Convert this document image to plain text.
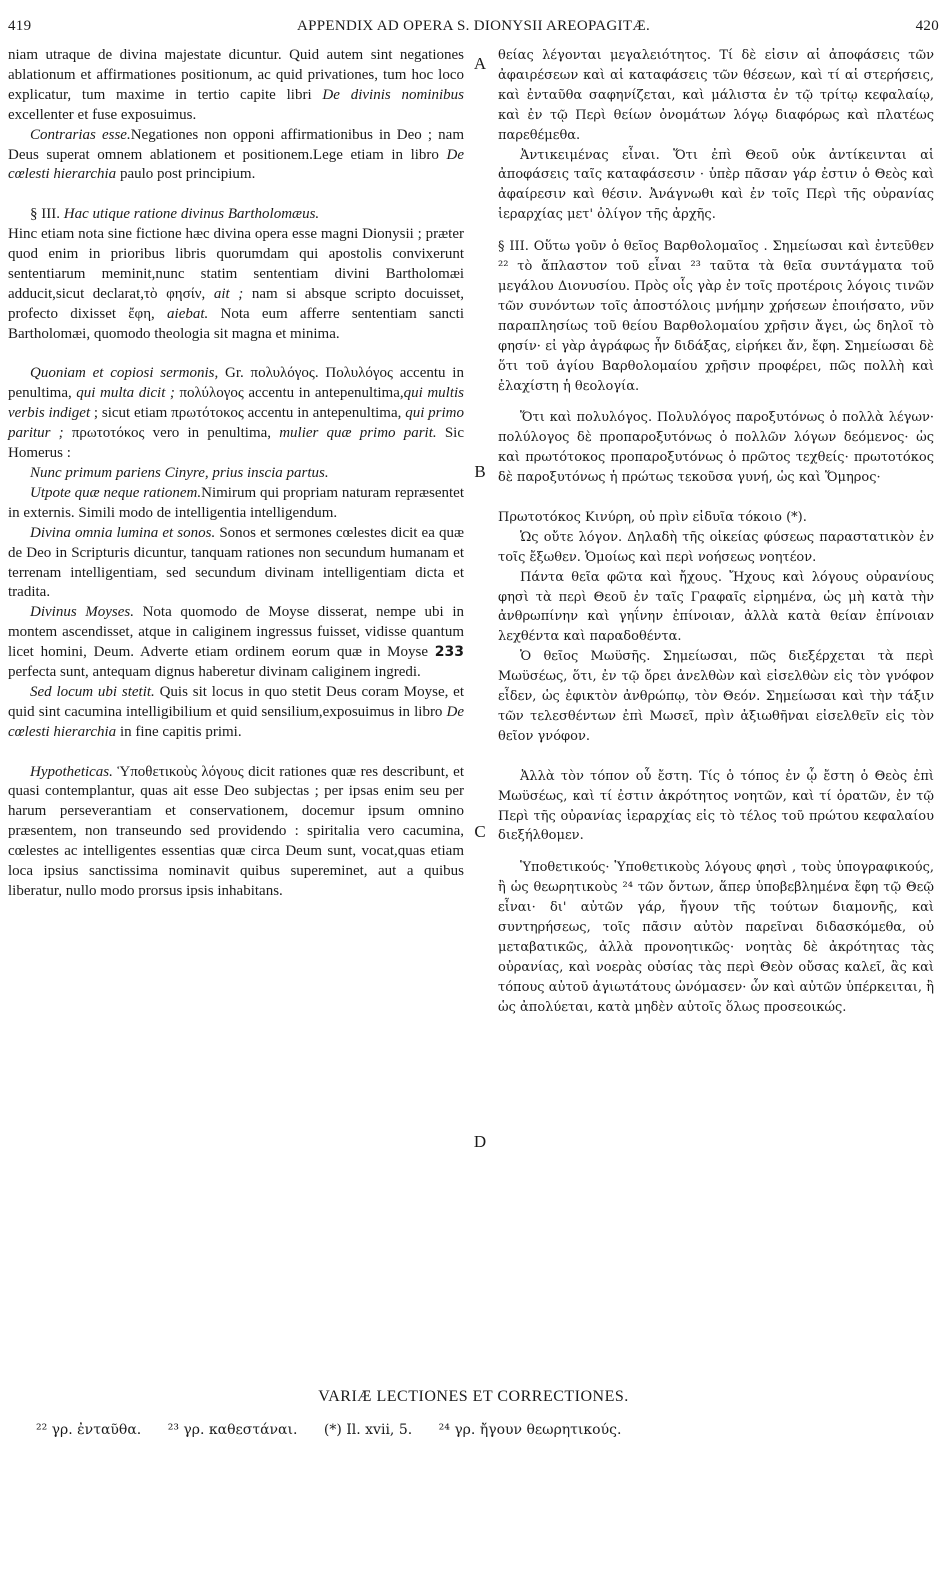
419	APPENDIX AD OPERA S. DIONYSII AREOPAGITÆ.	420
A
B
C
D

niam utraque de divina majestate dicuntur. Quid autem sint negationes ablationum et affirmationes positionum, ac quid privationes, tum hoc loco explicatur, tum maxime in tertio capite libri De divinis nominibus excellenter et fuse exposuimus.

Contrarias esse.Negationes non opponi affirmationibus in Deo ; nam Deus superat omnem ablationem et positionem.Lege etiam in libro De cœlesti hierarchia paulo post principium.

§ III. Hac utique ratione divinus Bartholomæus.

Hinc etiam nota sine fictione hæc divina opera esse magni Dionysii ; præter quod enim in prioribus libris quorumdam qui apostolis convixerunt sententiarum meminit,nunc statim sententiam divini Bartholomæi adducit,sicut declarat,τὸ φησίν, ait ; nam si absque scripto docuisset, profecto dixisset ἔφη, aiebat. Nota eum afferre sententiam sancti Bartholomæi, quomodo theologia sit magna et minima.

Quoniam et copiosi sermonis, Gr. πολυλόγος. Πολυλόγος accentu in penultima, qui multa dicit ; πολύλογος accentu in antepenultima,qui multis verbis indiget ; sicut etiam πρωτότοκος accentu in antepenultima, qui primo paritur ; πρωτοτόκος vero in penultima, mulier quæ primo parit. Sic Homerus :

Nunc primum pariens Cinyre, prius inscia partus.

Utpote quæ neque rationem.Nimirum qui propriam naturam repræsentet in externis. Simili modo de intelligentia intelligendum.

Divina omnia lumina et sonos. Sonos et sermones cœlestes dicit ea quæ de Deo in Scripturis dicuntur, tanquam rationes non secundum humanam et terrenam intelligentiam, sed secundum divinam intelligentiam dicta et tradita.

Divinus Moyses. Nota quomodo de Moyse disserat, nempe ubi in montem ascendisset, atque in caliginem ingressus fuisset, vidisse quantum licet homini, Deum. Adverte etiam ordinem eorum quæ in Moyse 233 perfecta sunt, antequam dignus haberetur divinam caliginem ingredi.

Sed locum ubi stetit. Quis sit locus in quo stetit Deus coram Moyse, et quid sint cacumina intelligibilium et quid sensilium,exposuimus in libro De cœlesti hierarchia in fine capitis primi.

Hypotheticas. Ὑποθετικοὺς λόγους dicit rationes quæ res describunt, et quasi contemplantur, quas ait esse Deo subjectas ; per ipsas enim seu per harum perseverantiam et conservationem, docemur ipsum omnino præsentem, non transeundo sed providendo : spiritalia vero cacumina, cœlestes ac intelligentes essentias quæ circa Deum sunt, vocat,quas etiam loca ipsius sanctissima nominavit quibus supereminet, aut a quibus liberatur, nullo modo prorsus ipsis inhabitans.

θείας λέγονται μεγαλειότητος. Τί δὲ εἰσιν αἱ ἀποφάσεις τῶν ἀφαιρέσεων καὶ αἱ καταφάσεις τῶν θέσεων, καὶ τί αἱ στερήσεις, καὶ ἐνταῦθα σαφηνίζεται, καὶ μάλιστα ἐν τῷ τρίτῳ κεφαλαίῳ, καὶ ἐν τῷ Περὶ θείων ὀνομάτων λόγῳ διαφόρως καὶ πλατέως παρεθέμεθα.

Ἀντικειμένας εἶναι. Ὅτι ἐπὶ Θεοῦ οὐκ ἀντίκεινται αἱ ἀποφάσεις ταῖς καταφάσεσιν · ὑπὲρ πᾶσαν γάρ ἐστιν ὁ Θεὸς καὶ ἀφαίρεσιν καὶ θέσιν. Ἀνάγνωθι καὶ ἐν τοῖς Περὶ τῆς οὐρανίας ἱεραρχίας μετ' ὀλίγον τῆς ἀρχῆς.

§ ΙΙΙ. Οὕτω γοῦν ὁ θεῖος Βαρθολομαῖος . Σημείωσαι καὶ ἐντεῦθεν ²² τὸ ἄπλαστον τοῦ εἶναι ²³ ταῦτα τὰ θεῖα συντάγματα τοῦ μεγάλου Διονυσίου. Πρὸς οἷς γὰρ ἐν τοῖς προτέροις λόγοις τινῶν τῶν συνόντων τοῖς ἀποστόλοις μνήμην χρήσεων ἐποιήσατο, νῦν παραπλησίως τοῦ θείου Βαρθολομαίου χρῆσιν ἄγει, ὡς δηλοῖ τὸ φησίν· εἰ γὰρ ἀγράφως ἦν διδάξας, εἰρήκει ἄν, ἔφη. Σημείωσαι δὲ ὅτι τοῦ ἁγίου Βαρθολομαίου χρῆσιν προφέρει, πῶς πολλὴ καὶ ἐλαχίστη ἡ θεολογία.

Ὅτι καὶ πολυλόγος. Πολυλόγος παροξυτόνως ὁ πολλὰ λέγων· πολύλογος δὲ προπαροξυτόνως ὁ πολλῶν λόγων δεόμενος· ὡς καὶ πρωτότοκος προπαροξυτόνως ὁ πρῶτος τεχθείς· πρωτοτόκος δὲ παροξυτόνως ἡ πρώτως τεκοῦσα γυνή, ὡς καὶ Ὅμηρος·

Πρωτοτόκος Κινύρη, οὐ πρὶν εἰδυῖα τόκοιο (*).

Ὡς οὔτε λόγον. Δηλαδὴ τῆς οἰκείας φύσεως παραστατικὸν ἐν τοῖς ἔξωθεν. Ὁμοίως καὶ περὶ νοήσεως νοητέον.

Πάντα θεῖα φῶτα καὶ ἤχους. Ἤχους καὶ λόγους οὐρανίους φησὶ τὰ περὶ Θεοῦ ἐν ταῖς Γραφαῖς εἰρημένα, ὡς μὴ κατὰ τὴν ἀνθρωπίνην καὶ γηΐνην ἐπίνοιαν, ἀλλὰ κατὰ θείαν ἐπίνοιαν λεχθέντα καὶ παραδοθέντα.

Ὁ θεῖος Μωϋσῆς. Σημείωσαι, πῶς διεξέρχεται τὰ περὶ Μωϋσέως, ὅτι, ἐν τῷ ὄρει ἀνελθὼν καὶ εἰσελθὼν εἰς τὸν γνόφον εἶδεν, ὡς ἐφικτὸν ἀνθρώπῳ, τὸν Θεόν. Σημείωσαι καὶ τὴν τάξιν τῶν τελεσθέντων ἐπὶ Μωσεῖ, πρὶν ἀξιωθῆναι εἰσελθεῖν εἰς τὸν θεῖον γνόφον.

Ἀλλὰ τὸν τόπον οὗ ἔστη. Τίς ὁ τόπος ἐν ᾧ ἔστη ὁ Θεὸς ἐπὶ Μωϋσέως, καὶ τί ἐστιν ἀκρότητος νοητῶν, καὶ τί ὁρατῶν, ἐν τῷ Περὶ τῆς οὐρανίας ἱεραρχίας εἰς τὸ τέλος τοῦ πρώτου κεφαλαίου διεξήλθομεν.

Ὑποθετικούς· Ὑποθετικοὺς λόγους φησὶ , τοὺς ὑπογραφικούς, ἢ ὡς θεωρητικοὺς ²⁴ τῶν ὄντων, ἅπερ ὑποβεβλημένα ἔφη τῷ Θεῷ εἶναι· δι' αὐτῶν γάρ, ἤγουν τῆς τούτων διαμονῆς, καὶ συντηρήσεως, τοῖς πᾶσιν αὐτὸν παρεῖναι διδασκόμεθα, οὐ μεταβατικῶς, ἀλλὰ προνοητικῶς· νοητὰς δὲ ἀκρότητας τὰς οὐρανίας, καὶ νοερὰς οὐσίας τὰς περὶ Θεὸν οὔσας καλεῖ, ἃς καὶ τόπους αὐτοῦ ἁγιωτάτους ὠνόμασεν· ὧν καὶ αὐτῶν ὑπέρκειται, ἢ ὡς ἀπολύεται, κατὰ μηδὲν αὐτοῖς ὅλως προσεοικώς.

VARIÆ LECTIONES ET CORRECTIONES.
²² γρ. ἐνταῦθα. ²³ γρ. καθεστάναι. (*) Il. xvii, 5. ²⁴ γρ. ἤγουν θεωρητικούς.
